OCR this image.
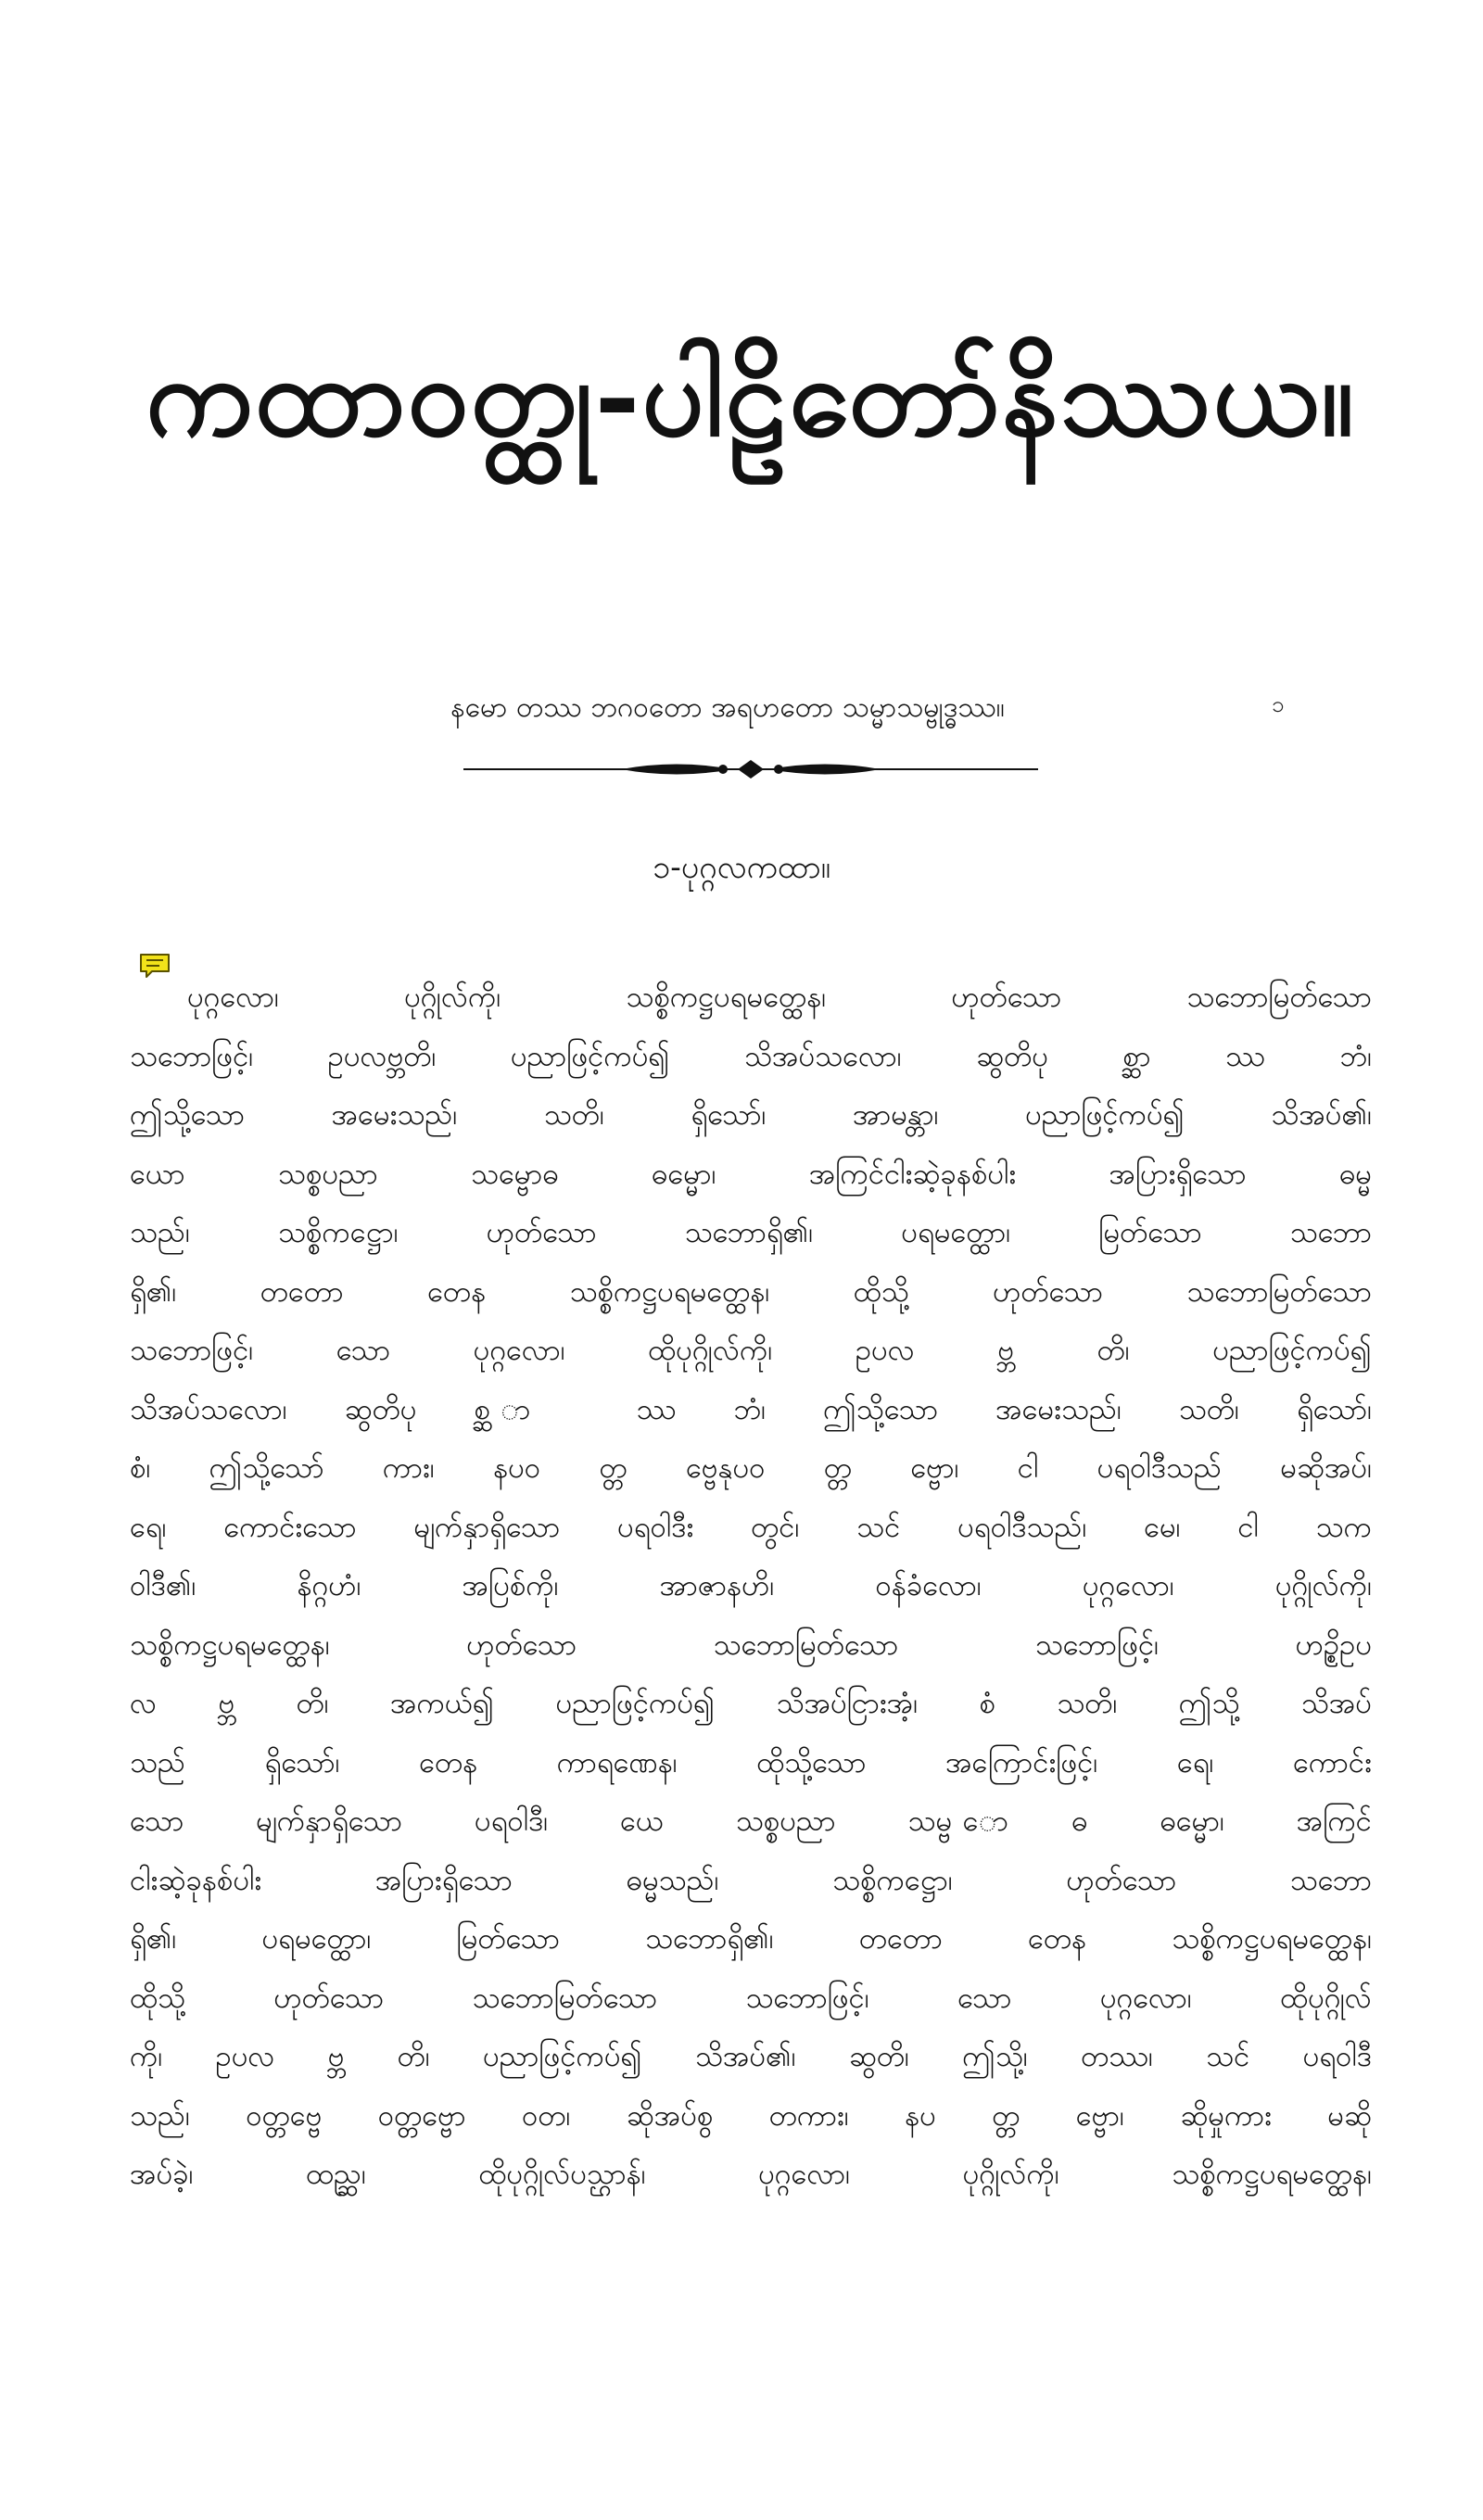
ကထာဝတ္ထု-ပါဠိတော်နိဿယ။
နမော တဿ ဘဂဝတော အရဟတော သမ္မာသမ္ဗုဒ္ဓဿ။	၁
၁-ပုဂ္ဂလကထာ။
ပုဂ္ဂလော၊ ပုဂ္ဂိုလ်ကို၊ သစ္စိကဋ္ဌပရမတ္ထေန၊ ဟုတ်သော သဘောမြတ်သော
သဘောဖြင့်၊ ဥပလဗ္ဘတိ၊ ပညာဖြင့်ကပ်၍ သိအပ်သလော၊ ဆွတိပု စ္ဆာ ဿ ဘံ၊
ဤသို့သော အမေးသည်၊ သတိ၊ ရှိသော်၊ အာမန္တာ၊ ပညာဖြင့်ကပ်၍ သိအပ်၏၊
ယော သစ္စပညာ သမ္ဗောဓ ဓမ္မော၊ အကြင်ငါးဆဲ့ခုနစ်ပါး အပြားရှိသော ဓမ္မ
သည်၊ သစ္စိကဋ္ဌော၊ ဟုတ်သော သဘောရှိ၏၊ ပရမတ္ထော၊ မြတ်သော သဘော
ရှိ၏၊ တတော တေန သစ္စိကဋ္ဌပရမတ္ထေန၊ ထိုသို့ ဟုတ်သော သဘောမြတ်သော
သဘောဖြင့်၊ သော ပုဂ္ဂလော၊ ထိုပုဂ္ဂိုလ်ကို၊ ဥပလ ဗ္ဘ တိ၊ ပညာဖြင့်ကပ်၍
သိအပ်သလော၊ ဆွတိပု စ္ဆ ာ ဿ ဘံ၊ ဤသို့သော အမေးသည်၊ သတိ၊ ရှိသော်၊
စံ၊ ဤသို့သော် ကား၊ နပဝ တ္တ ဗ္ဗေနုပဝ တ္တ ဗ္ဗော၊ ငါ ပရဝါဒီသည် မဆိုအပ်၊
ရေ၊ ကောင်းသော မျက်နှာရှိသော ပရဝါဒီး တွင်၊ သင် ပရဝါဒီသည်၊ မေ၊ ငါ သက
ဝါဒီ၏၊ နိဂ္ဂဟံ၊ အပြစ်ကို၊ အာဇာနဟိ၊ ဝန်ခံလော၊ ပုဂ္ဂလော၊ ပုဂ္ဂိုလ်ကို၊
သစ္စိကဋ္ဌပရမတ္ထေန၊ ဟုတ်သော သဘောမြတ်သော သဘောဖြင့်၊ ဟဥ္စိဥပ
လ ဗ္ဘ တိ၊ အကယ်၍ ပညာဖြင့်ကပ်၍ သိအပ်ငြားအံ့၊ စံ သတိ၊ ဤသို့ သိအပ်
သည် ရှိသော်၊ တေန ကာရဏေန၊ ထိုသို့သော အကြောင်းဖြင့်၊ ရေ၊ ကောင်း
သော မျက်နှာရှိသော ပရဝါဒီ၊ ယေ သစ္စပညာ သမ္ဗ ောဓ ဓမ္မော၊ အကြင်
ငါးဆဲ့ခုနစ်ပါး အပြားရှိသော ဓမ္မသည်၊ သစ္စိကဋ္ဌော၊ ဟုတ်သော သဘော
ရှိ၏၊ ပရမတ္ထော၊ မြတ်သော သဘောရှိ၏၊ တတော တေန သစ္စိကဋ္ဌပရမတ္ထေန၊
ထိုသို့ ဟုတ်သော သဘောမြတ်သော သဘောဖြင့်၊ သော ပုဂ္ဂလော၊ ထိုပုဂ္ဂိုလ်
ကို၊ ဥပလ ဗ္ဘ တိ၊ ပညာဖြင့်ကပ်၍ သိအပ်၏၊ ဆွတိ၊ ဤသို့၊ တဿ၊ သင် ပရဝါဒီ
သည်၊ ဝတ္တဗ္ဗေ ဝတ္တဗ္ဗော ဝတ၊ ဆိုအပ်စွ တကား၊ နပ တ္တ ဗ္ဗော၊ ဆိုမှုကား မဆို
အပ်ခဲ့၊ ထည္ဆ၊ ထိုပုဂ္ဂိုလ်ပသ္ဌာန်၊ ပုဂ္ဂလော၊ ပုဂ္ဂိုလ်ကို၊ သစ္စိကဋ္ဌပရမတ္ထေန၊
